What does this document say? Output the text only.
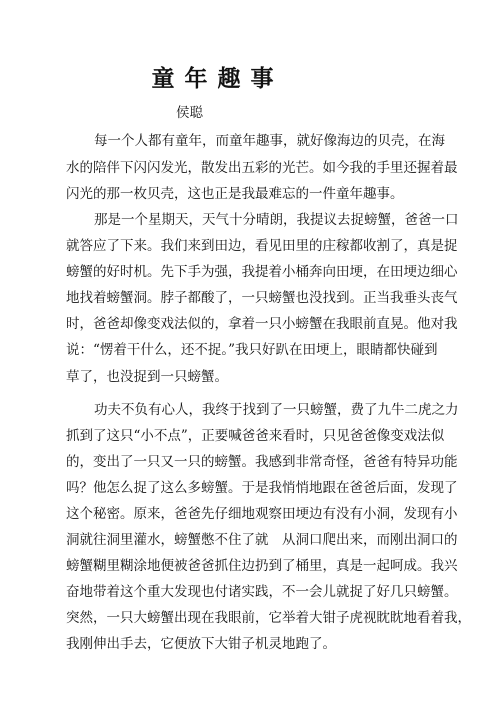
童年趣事
侯聪
每一个人都有童年，而童年趣事，就好像海边的贝壳，在海
水的陪伴下闪闪发光，散发出五彩的光芒。如今我的手里还握着最
闪光的那一枚贝壳，这也正是我最难忘的一件童年趣事。
那是一个星期天，天气十分晴朗，我提议去捉螃蟹，爸爸一口
就答应了下来。我们来到田边，看见田里的庄稼都收割了，真是捉
螃蟹的好时机。先下手为强，我提着小桶奔向田埂，在田埂边细心
地找着螃蟹洞。脖子都酸了，一只螃蟹也没找到。正当我垂头丧气
时，爸爸却像变戏法似的，拿着一只小螃蟹在我眼前直晃。他对我
说：“愣着干什么，还不捉。”我只好趴在田埂上，眼睛都快碰到
草了，也没捉到一只螃蟹。
功夫不负有心人，我终于找到了一只螃蟹，费了九牛二虎之力
抓到了这只“小不点”，正要喊爸爸来看时，只见爸爸像变戏法似
的，变出了一只又一只的螃蟹。我感到非常奇怪，爸爸有特异功能
吗？他怎么捉了这么多螃蟹。于是我悄悄地跟在爸爸后面，发现了
这个秘密。原来，爸爸先仔细地观察田埂边有没有小洞，发现有小
洞就往洞里灌水，螃蟹憋不住了就　从洞口爬出来，而刚出洞口的
螃蟹糊里糊涂地便被爸爸抓住边扔到了桶里，真是一起呵成。我兴
奋地带着这个重大发现也付诸实践，不一会儿就捉了好几只螃蟹。
突然，一只大螃蟹出现在我眼前，它举着大钳子虎视眈眈地看着我，
我刚伸出手去，它便放下大钳子机灵地跑了。
